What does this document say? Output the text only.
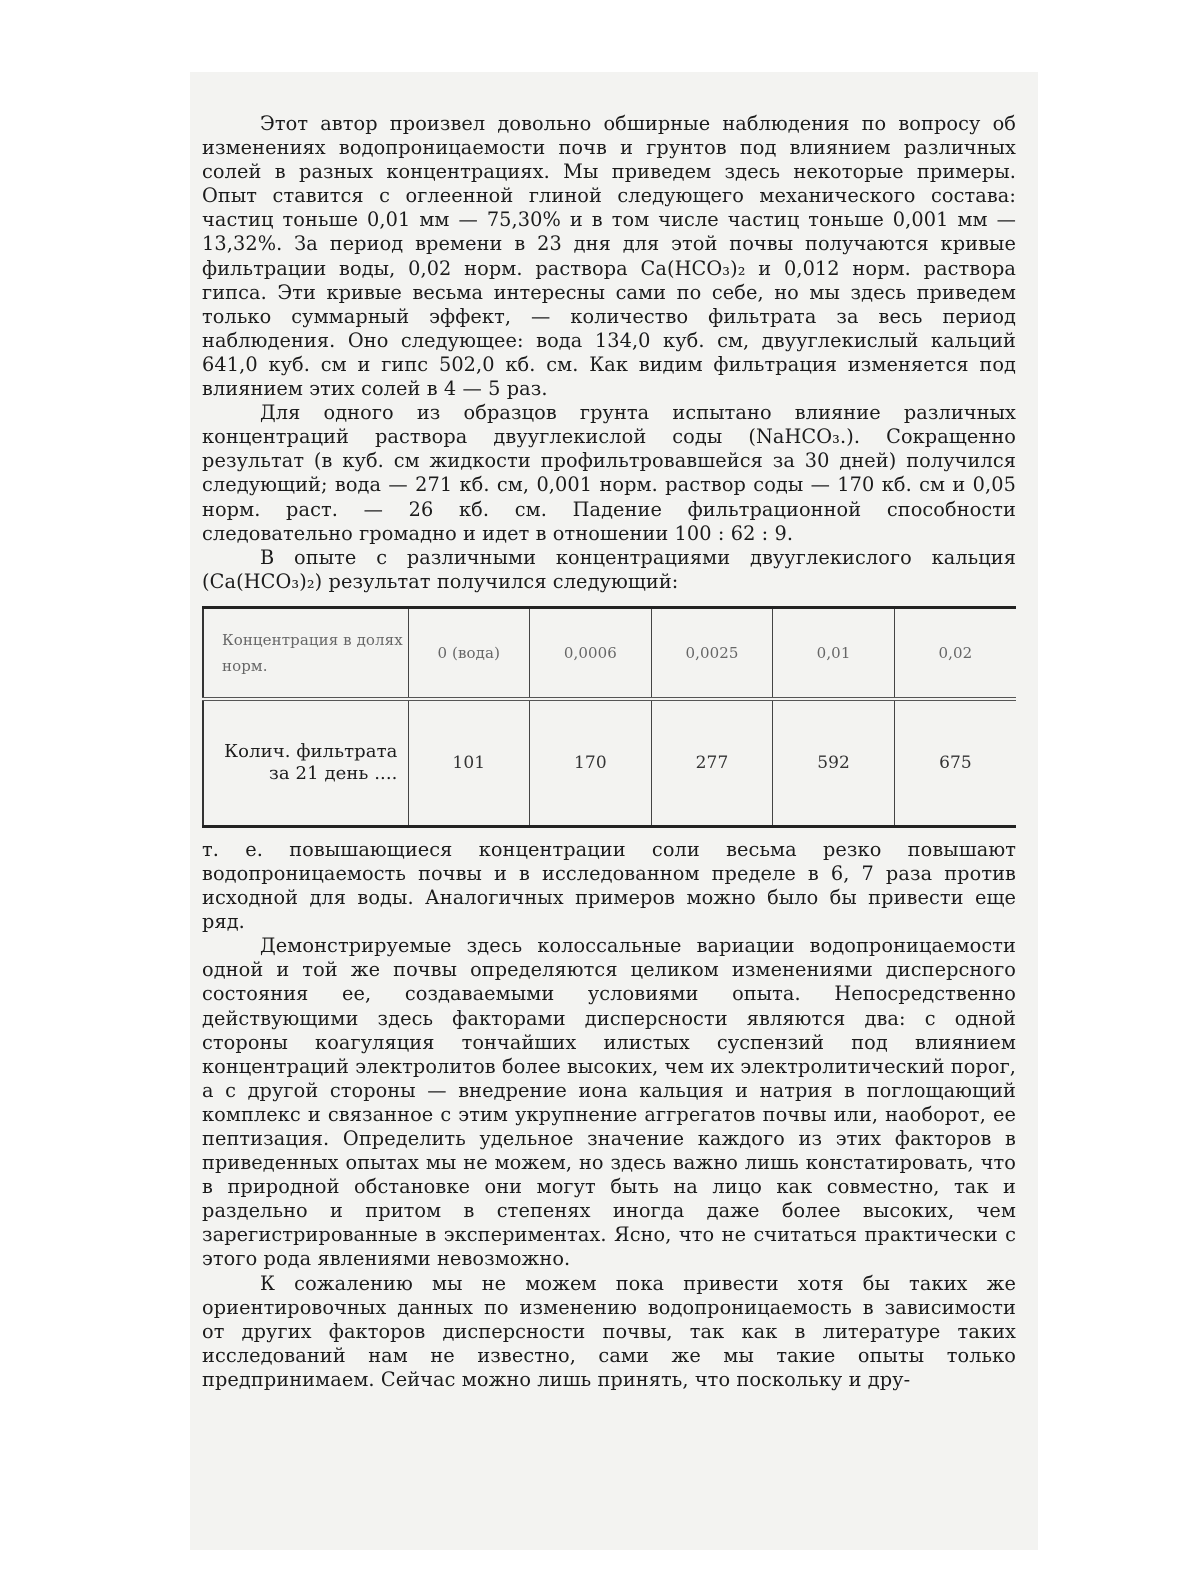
Этот автор произвел довольно обширные наблюдения по вопросу об изменениях водопроницаемости почв и грунтов под влиянием различных солей в разных концентрациях. Мы приведем здесь некоторые примеры. Опыт ставится с оглеенной глиной следующего механического состава: частиц тоньше 0,01 мм — 75,30% и в том числе частиц тоньше 0,001 мм — 13,32%. За период времени в 23 дня для этой почвы получаются кривые фильтрации воды, 0,02 норм. раствора Ca(HCO₃)₂ и 0,012 норм. раствора гипса. Эти кривые весьма интересны сами по себе, но мы здесь приведем только суммарный эффект, — количество фильтрата за весь период наблюдения. Оно следующее: вода 134,0 куб. см, двууглекислый кальций 641,0 куб. см и гипс 502,0 кб. см. Как видим фильтрация изменяется под влиянием этих солей в 4 — 5 раз.

Для одного из образцов грунта испытано влияние различных концентраций раствора двууглекислой соды (NaHCO₃.). Сокращенно результат (в куб. см жидкости профильтровавшейся за 30 дней) получился следующий; вода — 271 кб. см, 0,001 норм. раствор соды — 170 кб. см и 0,05 норм. раст. — 26 кб. см. Падение фильтрационной способности следовательно громадно и идет в отношении 100 : 62 : 9.

В опыте с различными концентрациями двууглекислого кальция (Ca(HCO₃)₂) результат получился следующий:

Концентрация в долях норм.	0 (вода)	0,0006	0,0025	0,01	0,02
Колич. фильтрата за 21 день ....	101	170	277	592	675

т. е. повышающиеся концентрации соли весьма резко повышают водопроницаемость почвы и в исследованном пределе в 6, 7 раза против исходной для воды. Аналогичных примеров можно было бы привести еще ряд.

Демонстрируемые здесь колоссальные вариации водопроницаемости одной и той же почвы определяются целиком изменениями дисперсного состояния ее, создаваемыми условиями опыта. Непосредственно действующими здесь факторами дисперсности являются два: с одной стороны коагуляция тончайших илистых суспензий под влиянием концентраций электролитов более высоких, чем их электролитический порог, а с другой стороны — внедрение иона кальция и натрия в поглощающий комплекс и связанное с этим укрупнение аггрегатов почвы или, наоборот, ее пептизация. Определить удельное значение каждого из этих факторов в приведенных опытах мы не можем, но здесь важно лишь констатировать, что в природной обстановке они могут быть на лицо как совместно, так и раздельно и притом в степенях иногда даже более высоких, чем зарегистрированные в экспериментах. Ясно, что не считаться практически с этого рода явлениями невозможно.

К сожалению мы не можем пока привести хотя бы таких же ориентировочных данных по изменению водопроницаемость в зависимости от других факторов дисперсности почвы, так как в литературе таких исследований нам не известно, сами же мы такие опыты только предпринимаем. Сейчас можно лишь принять, что поскольку и дру-
